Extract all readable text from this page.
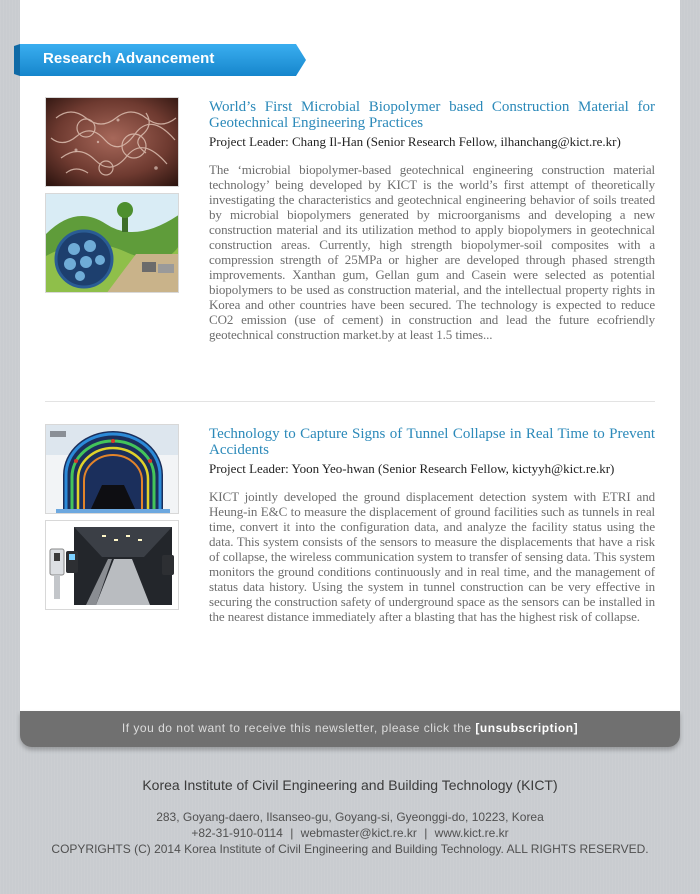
Research Advancement
World’s First Microbial Biopolymer based Construction Material for Geotechnical Engineering Practices
Project Leader: Chang Il-Han (Senior Research Fellow, ilhanchang@kict.re.kr)
The ‘microbial biopolymer-based geotechnical engineering construction material technology’ being developed by KICT is the world’s first attempt of theoretically investigating the characteristics and geotechnical engineering behavior of soils treated by microbial biopolymers generated by microorganisms and developing a new construction material and its utilization method to apply biopolymers in geotechnical construction areas. Currently, high strength biopolymer-soil composites with a compression strength of 25MPa or higher are developed through phased strength improvements. Xanthan gum, Gellan gum and Casein were selected as potential biopolymers to be used as construction material, and the intellectual property rights in Korea and other countries have been secured. The technology is expected to reduce CO2 emission (use of cement) in construction and lead the future ecofriendly geotechnical construction market.by at least 1.5 times...
Technology to Capture Signs of Tunnel Collapse in Real Time to Prevent Accidents
Project Leader: Yoon Yeo-hwan (Senior Research Fellow, kictyyh@kict.re.kr)
KICT jointly developed the ground displacement detection system with ETRI and Heung-in E&C to measure the displacement of ground facilities such as tunnels in real time, convert it into the configuration data, and analyze the facility status using the data. This system consists of the sensors to measure the displacements that have a risk of collapse, the wireless communication system to transfer of sensing data. This system monitors the ground conditions continuously and in real time, and the management of status data history. Using the system in tunnel construction can be very effective in securing the construction safety of underground space as the sensors can be installed in the nearest distance immediately after a blasting that has the highest risk of collapse.
If you do not want to receive this newsletter, please click the [unsubscription]
Korea Institute of Civil Engineering and Building Technology (KICT)
283, Goyang-daero, Ilsanseo-gu, Goyang-si, Gyeonggi-do, 10223, Korea
+82-31-910-0114 | webmaster@kict.re.kr | www.kict.re.kr
COPYRIGHTS (C) 2014 Korea Institute of Civil Engineering and Building Technology. ALL RIGHTS RESERVED.
